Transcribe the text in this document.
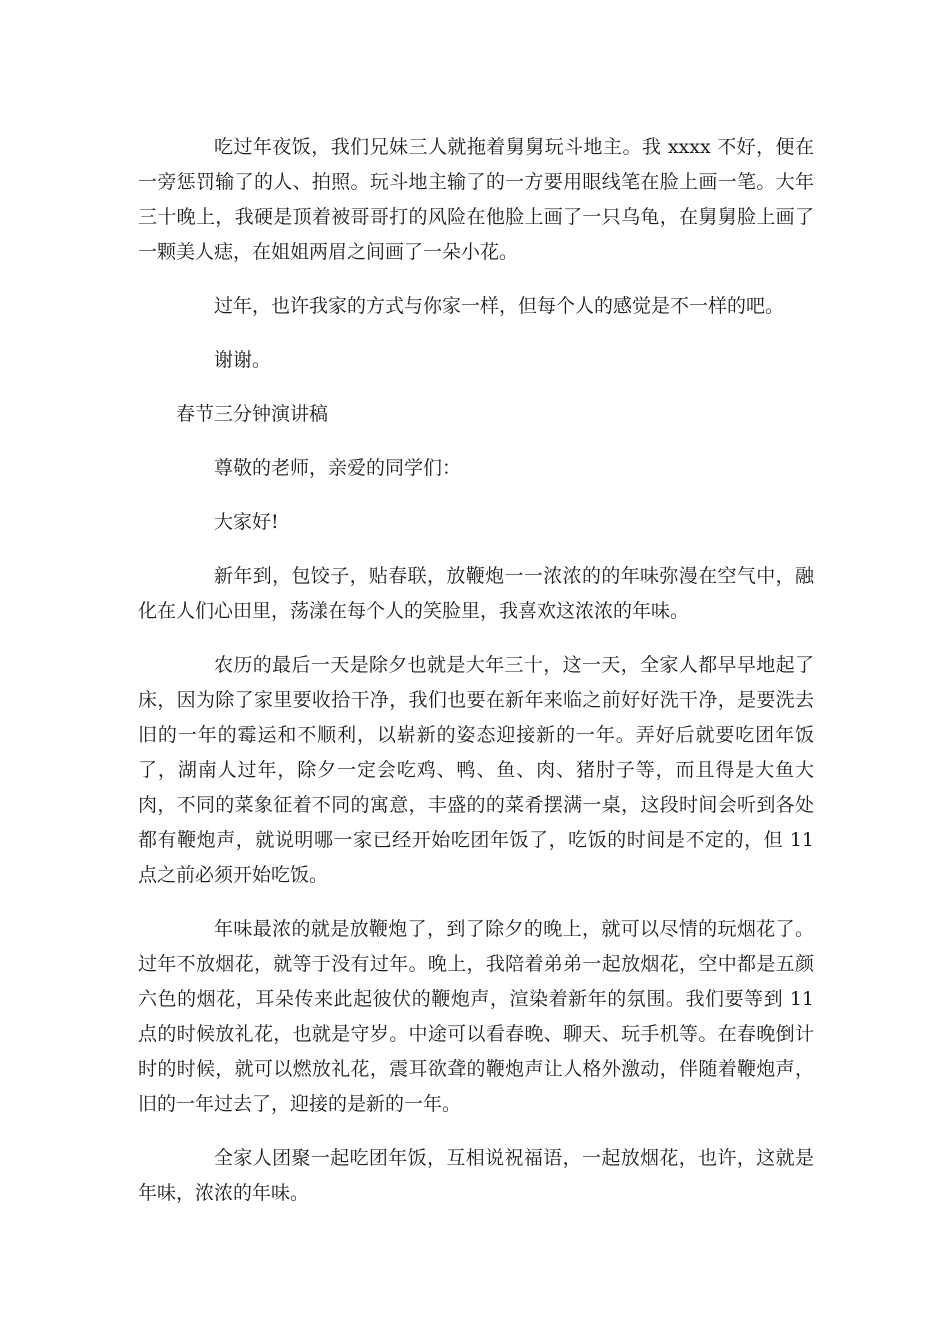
吃过年夜饭，我们兄妹三人就拖着舅舅玩斗地主。我 xxxx 不好，便在一旁惩罚输了的人、拍照。玩斗地主输了的一方要用眼线笔在脸上画一笔。大年三十晚上，我硬是顶着被哥哥打的风险在他脸上画了一只乌龟，在舅舅脸上画了一颗美人痣，在姐姐两眉之间画了一朵小花。

过年，也许我家的方式与你家一样，但每个人的感觉是不一样的吧。

谢谢。

春节三分钟演讲稿

尊敬的老师，亲爱的同学们：

大家好!

新年到，包饺子，贴春联，放鞭炮一一浓浓的的年味弥漫在空气中，融化在人们心田里，荡漾在每个人的笑脸里，我喜欢这浓浓的年味。

农历的最后一天是除夕也就是大年三十，这一天，全家人都早早地起了床，因为除了家里要收拾干净，我们也要在新年来临之前好好洗干净，是要洗去旧的一年的霉运和不顺利，以崭新的姿态迎接新的一年。弄好后就要吃团年饭了，湖南人过年，除夕一定会吃鸡、鸭、鱼、肉、猪肘子等，而且得是大鱼大肉，不同的菜象征着不同的寓意，丰盛的的菜肴摆满一桌，这段时间会听到各处都有鞭炮声，就说明哪一家已经开始吃团年饭了，吃饭的时间是不定的，但 11 点之前必须开始吃饭。

年味最浓的就是放鞭炮了，到了除夕的晚上，就可以尽情的玩烟花了。过年不放烟花，就等于没有过年。晚上，我陪着弟弟一起放烟花，空中都是五颜六色的烟花，耳朵传来此起彼伏的鞭炮声，渲染着新年的氛围。我们要等到 11 点的时候放礼花，也就是守岁。中途可以看春晚、聊天、玩手机等。在春晚倒计时的时候，就可以燃放礼花，震耳欲聋的鞭炮声让人格外激动，伴随着鞭炮声，旧的一年过去了，迎接的是新的一年。

全家人团聚一起吃团年饭，互相说祝福语，一起放烟花，也许，这就是年味，浓浓的年味。
